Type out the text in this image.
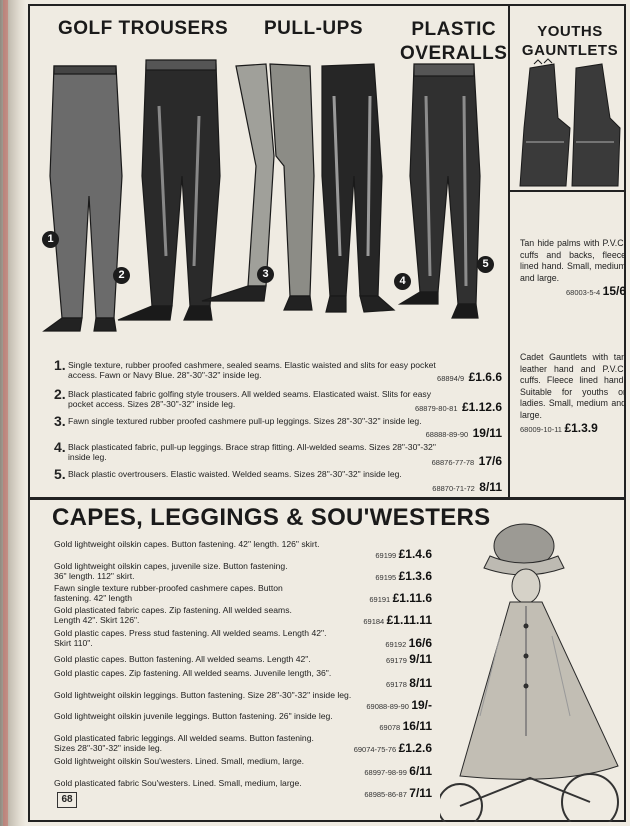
GOLF TROUSERS PULL-UPS	PLASTIC
OVERALLS
YOUTHS
GAUNTLETS
1
2	3
4
5
Tan hide palms with P.V.C. cuffs and backs, fleece lined hand. Small, medium and large.
68003-5-4 15/6
Cadet Gauntlets with tan leather hand and P.V.C. cuffs. Fleece lined hand. Suitable for youths or ladies. Small, medium and large.
68009-10-11 £1.3.9
1. Single texture, rubber proofed cashmere, sealed seams. Elastic waisted and slits for easy pocket
access. Fawn or Navy Blue. 28"-30"-32" inside leg.	68894/9 £1.6.6
2. Black plasticated fabric golfing style trousers. All welded seams. Elasticated waist. Slits for easy
pocket access. Sizes 28"-30"-32" inside leg.	68879-80-81 £1.12.6
3. Fawn single textured rubber proofed cashmere pull-up leggings. Sizes 28"-30"-32" inside leg.
68888-89-90 19/11
4. Black plasticated fabric, pull-up leggings. Brace strap fitting. All-welded seams. Sizes 28"-30"-32"
inside leg.
68876-77-78 17/6
5. Black plastic overtrousers. Elastic waisted. Welded seams. Sizes 28"-30"-32" inside leg.
68870-71-72 8/11
CAPES, LEGGINGS & SOU'WESTERS
Gold lightweight oilskin capes. Button fastening. 42" length. 126" skirt.
69199 £1.4.6
Gold lightweight oilskin capes, juvenile size. Button fastening.
36" length. 112" skirt.	69195 £1.3.6
Fawn single texture rubber-proofed cashmere capes. Button
fastening. 42" length	69191 £1.11.6
Gold plasticated fabric capes. Zip fastening. All welded seams.
Length 42". Skirt 126".	69184 £1.11.11
Gold plastic capes. Press stud fastening. All welded seams. Length 42".
Skirt 110".	69192 16/6
Gold plastic capes. Button fastening. All welded seams. Length 42".	69179 9/11
Gold plastic capes. Zip fastening. All welded seams. Juvenile length, 36".
69178 8/11
Gold lightweight oilskin leggings. Button fastening. Size 28"-30"-32" inside leg.
69088-89-90 19/-
Gold lightweight oilskin juvenile leggings. Button fastening. 26" inside leg.
69078 16/11
Gold plasticated fabric leggings. All welded seams. Button fastening.
Sizes 28"-30"-32" inside leg.	69074-75-76 £1.2.6
Gold lightweight oilskin Sou'westers. Lined. Small, medium, large.
68997-98-99 6/11
Gold plasticated fabric Sou'westers. Lined. Small, medium, large.
68985-86-87 7/11
68
